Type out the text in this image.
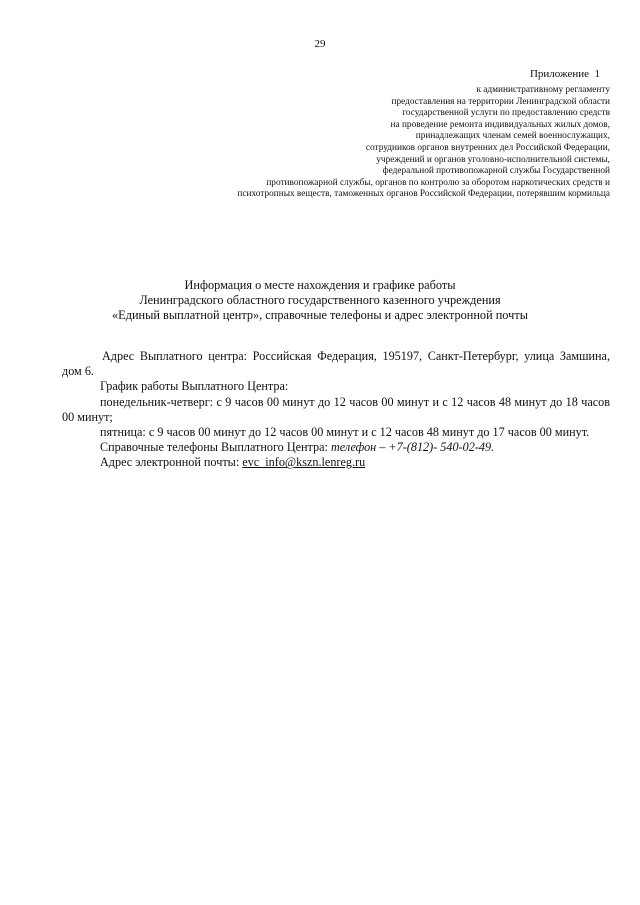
29
Приложение  1
к административному регламенту
предоставления на территории Ленинградской области
государственной услуги по предоставлению средств
на проведение ремонта индивидуальных жилых домов,
принадлежащих членам семей военнослужащих,
сотрудников органов внутренних дел Российской Федерации,
учреждений и органов уголовно-исполнительной системы,
федеральной противопожарной службы Государственной
противопожарной службы, органов по контролю за оборотом наркотических средств и
психотропных веществ, таможенных органов Российской Федерации, потерявшим кормильца
Информация о месте нахождения и графике работы
Ленинградского областного государственного казенного учреждения
«Единый выплатной центр», справочные телефоны и адрес электронной почты

Адрес Выплатного центра: Российская Федерация, 195197, Санкт-Петербург, улица Замшина, дом 6.

График работы Выплатного Центра:

понедельник-четверг: с 9 часов 00 минут до 12 часов 00 минут и с 12 часов 48 минут до 18 часов 00 минут;

пятница: с 9 часов 00 минут до 12 часов 00 минут и с 12 часов 48 минут до 17 часов 00 минут.

Справочные телефоны Выплатного Центра: телефон – +7-(812)- 540-02-49.

Адрес электронной почты: evc_info@kszn.lenreg.ru
